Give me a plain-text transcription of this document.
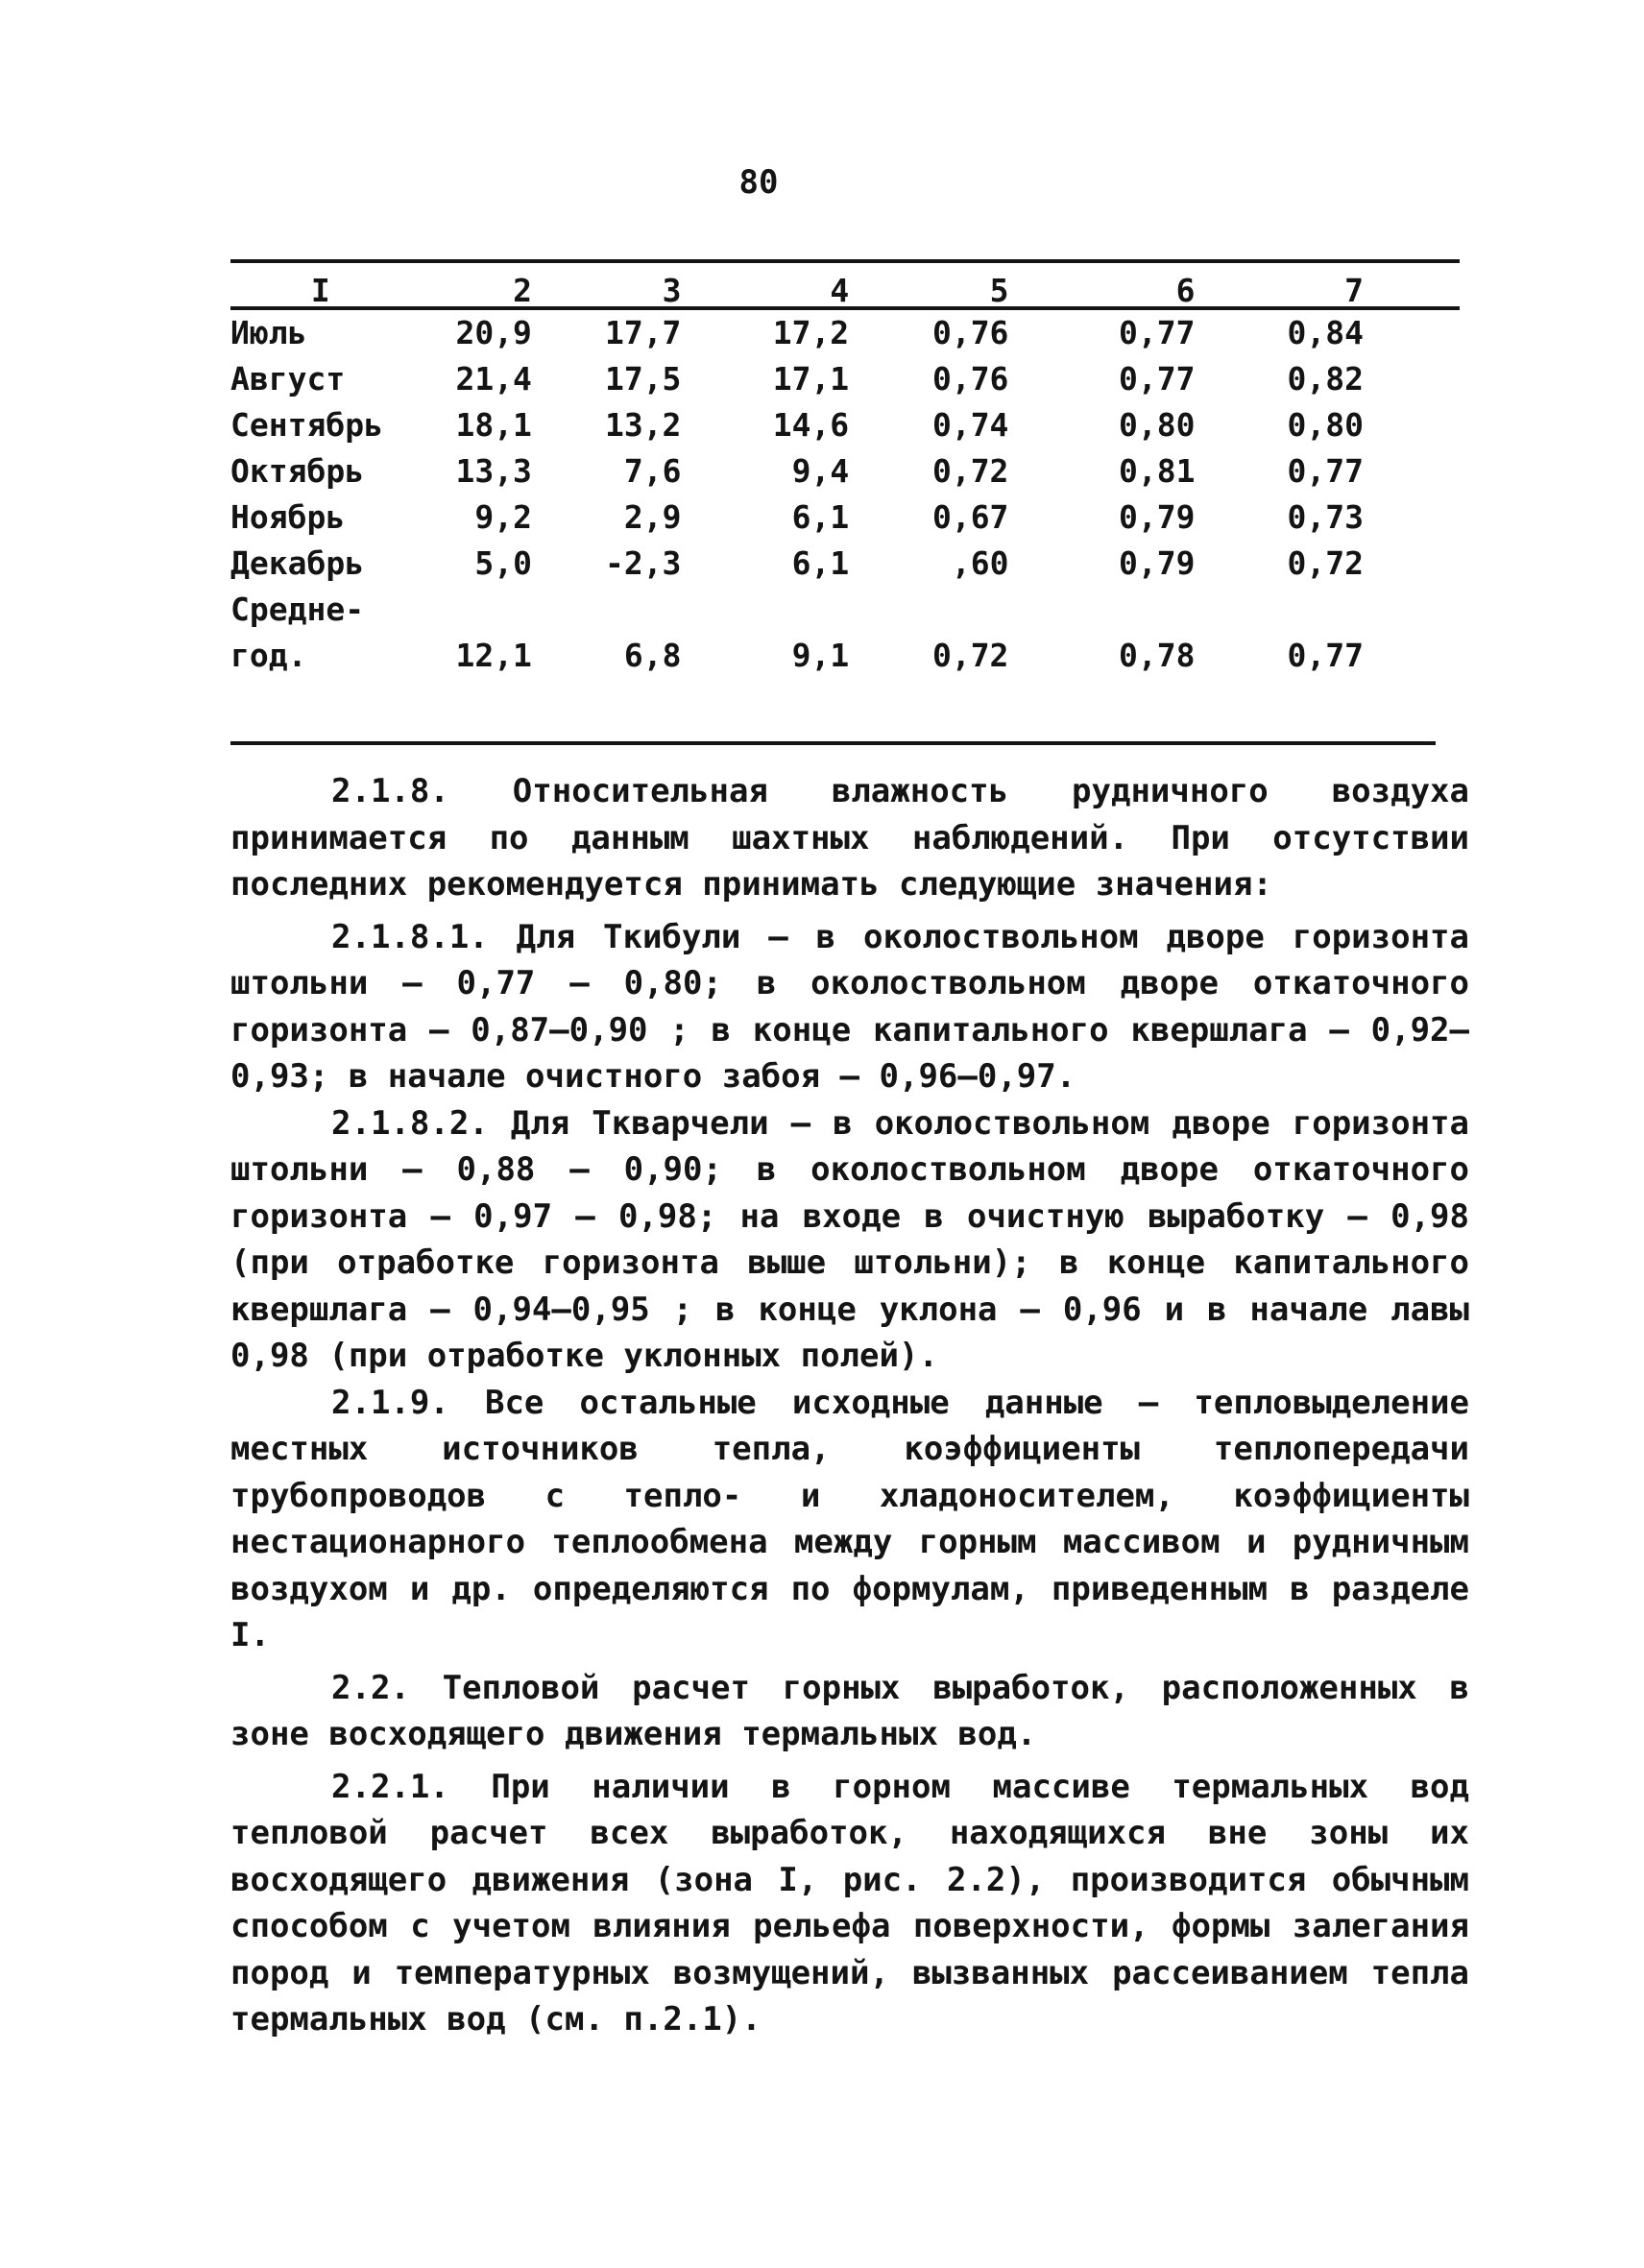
80
I	2	3	4	5	6	7
Июль	20,9	17,7	17,2	0,76	0,77	0,84
Август	21,4	17,5	17,1	0,76	0,77	0,82
Сентябрь	18,1	13,2	14,6	0,74	0,80	0,80
Октябрь	13,3	7,6	9,4	0,72	0,81	0,77
Ноябрь	9,2	2,9	6,1	0,67	0,79	0,73
Декабрь	5,0	-2,3	6,1	,60	0,79	0,72
Средне-						
год.	12,1	6,8	9,1	0,72	0,78	0,77

2.1.8. Относительная влажность рудничного воздуха принимается по данным шахтных наблюдений. При отсутствии последних рекомендуется принимать следующие значения:

2.1.8.1. Для Ткибули – в околоствольном дворе горизонта штольни – 0,77 – 0,80; в околоствольном дворе откаточного горизонта – 0,87–0,90 ; в конце капитального квершлага – 0,92–0,93; в начале очистного забоя – 0,96–0,97.

2.1.8.2. Для Ткварчели – в околоствольном дворе горизонта штольни – 0,88 – 0,90; в околоствольном дворе откаточного горизонта – 0,97 – 0,98; на входе в очистную выработку – 0,98 (при отработке горизонта выше штольни); в конце капитального квершлага – 0,94–0,95 ; в конце уклона – 0,96 и в начале лавы 0,98 (при отработке уклонных полей).

2.1.9. Все остальные исходные данные – тепловыделение местных источников тепла, коэффициенты теплопередачи трубопроводов с тепло- и хладоносителем, коэффициенты нестационарного теплообмена между горным массивом и рудничным воздухом и др. определяются по формулам, приведенным в разделе I.

2.2. Тепловой расчет горных выработок, расположенных в зоне восходящего движения термальных вод.

2.2.1. При наличии в горном массиве термальных вод тепловой расчет всех выработок, находящихся вне зоны их восходящего движения (зона I, рис. 2.2), производится обычным способом с учетом влияния рельефа поверхности, формы залегания пород и температурных возмущений, вызванных рассеиванием тепла термальных вод (см. п.2.1).
